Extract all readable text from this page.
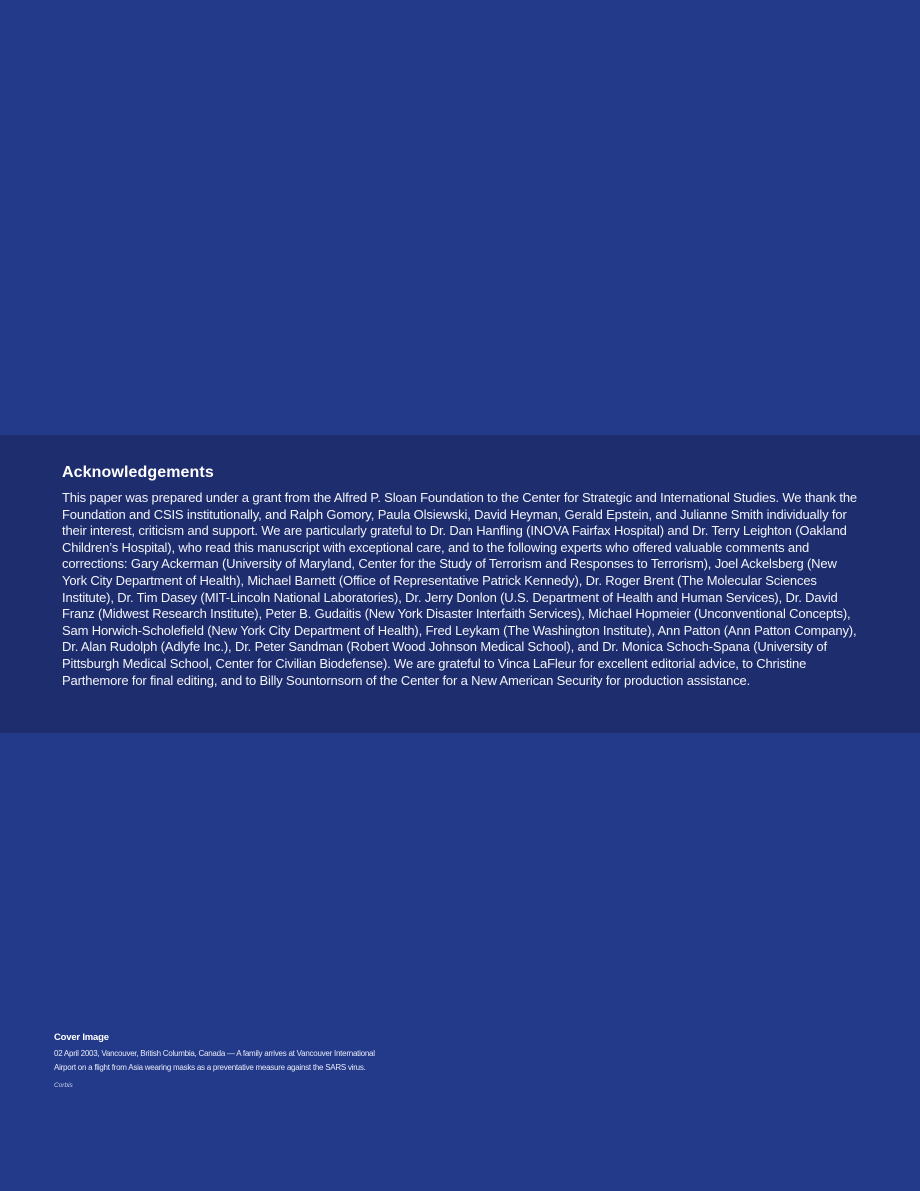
Acknowledgements

This paper was prepared under a grant from the Alfred P. Sloan Foundation to the Center for Strategic and International Studies. We thank the Foundation and CSIS institutionally, and Ralph Gomory, Paula Olsiewski, David Heyman, Gerald Epstein, and Julianne Smith individually for their interest, criticism and support. We are particularly grateful to Dr. Dan Hanfling (INOVA Fairfax Hospital) and Dr. Terry Leighton (Oakland Children’s Hospital), who read this manuscript with exceptional care, and to the following experts who offered valuable comments and corrections: Gary Ackerman (University of Maryland, Center for the Study of Terrorism and Responses to Terrorism), Joel Ackelsberg (New York City Department of Health), Michael Barnett (Office of Representative Patrick Kennedy), Dr. Roger Brent (The Molecular Sciences Institute), Dr. Tim Dasey (MIT-Lincoln National Laboratories), Dr. Jerry Donlon (U.S. Department of Health and Human Services), Dr. David Franz (Midwest Research Institute), Peter B. Gudaitis (New York Disaster Interfaith Services), Michael Hopmeier (Unconventional Concepts), Sam Horwich-Scholefield (New York City Department of Health), Fred Leykam (The Washington Institute), Ann Patton (Ann Patton Company), Dr. Alan Rudolph (Adlyfe Inc.), Dr. Peter Sandman (Robert Wood Johnson Medical School), and Dr. Monica Schoch-Spana (University of Pittsburgh Medical School, Center for Civilian Biodefense). We are grateful to Vinca LaFleur for excellent editorial advice, to Christine Parthemore for final editing, and to Billy Sountornsorn of the Center for a New American Security for production assistance.

Cover Image

02 April 2003, Vancouver, British Columbia, Canada — A family arrives at Vancouver International Airport on a flight from Asia wearing masks as a preventative measure against the SARS virus.

Corbis
